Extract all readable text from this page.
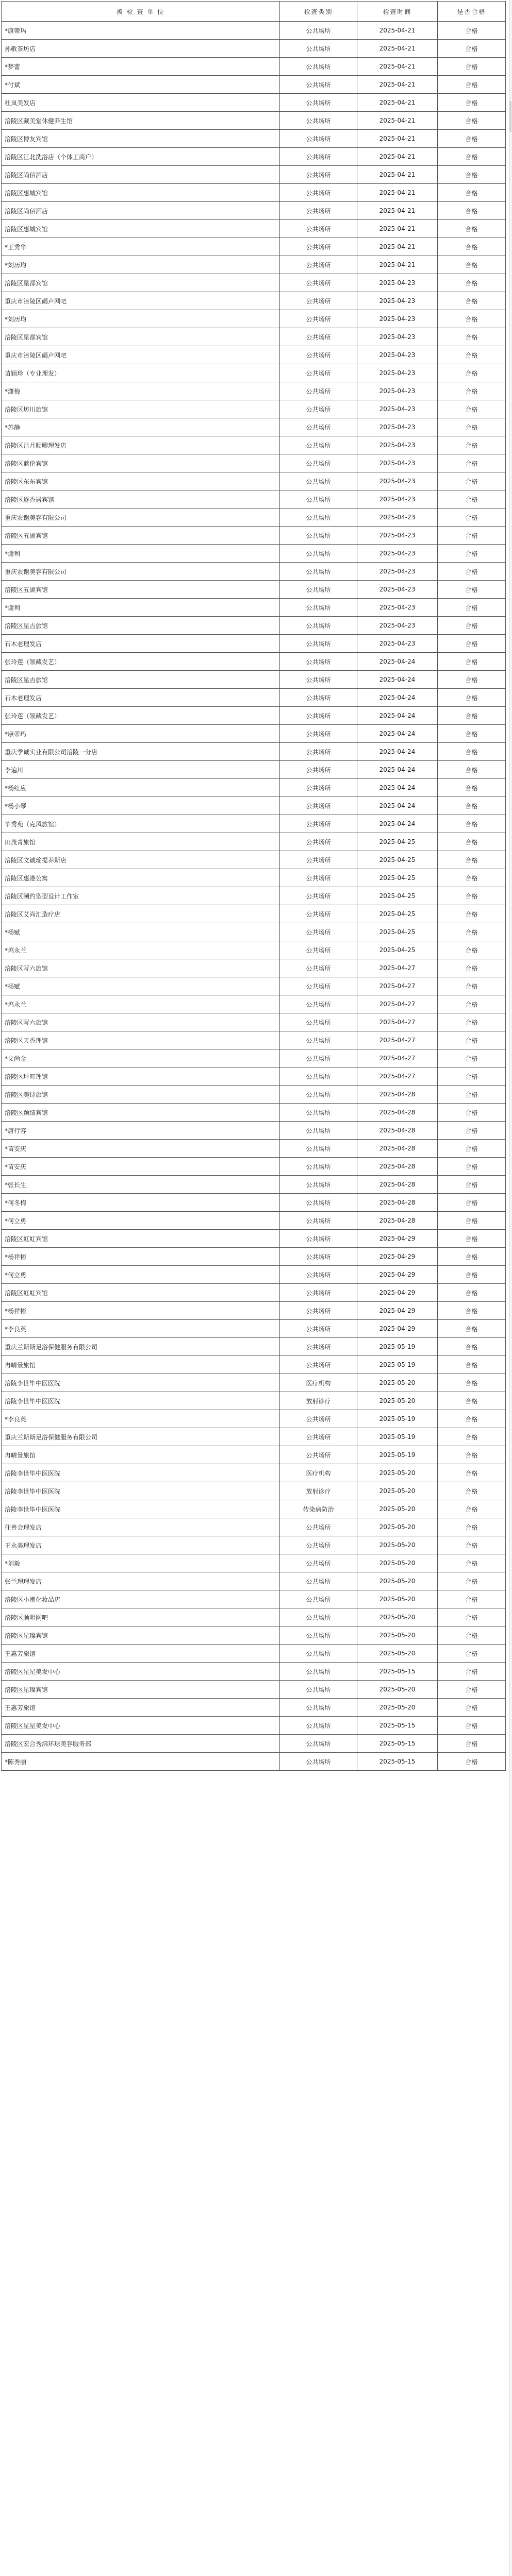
被 检 查 单 位	检查类别	检查时间	是否合格
*康蒂玛	公共场所	2025-04-21	合格
孙敬茶坊店	公共场所	2025-04-21	合格
*梦蕾	公共场所	2025-04-21	合格
*付斌	公共场所	2025-04-21	合格
杜岚美发店	公共场所	2025-04-21	合格
涪陵区藏美堂休健养生馆	公共场所	2025-04-21	合格
涪陵区博友宾馆	公共场所	2025-04-21	合格
涪陵区江北洗浴店（个体工商户）	公共场所	2025-04-21	合格
涪陵区尚佰酒店	公共场所	2025-04-21	合格
涪陵区惠城宾馆	公共场所	2025-04-21	合格
涪陵区尚佰酒店	公共场所	2025-04-21	合格
涪陵区惠城宾馆	公共场所	2025-04-21	合格
*王秀华	公共场所	2025-04-21	合格
*刘历均	公共场所	2025-04-21	合格
涪陵区星都宾馆	公共场所	2025-04-23	合格
重庆市涪陵区碣卢网吧	公共场所	2025-04-23	合格
*刘历均	公共场所	2025-04-23	合格
涪陵区星都宾馆	公共场所	2025-04-23	合格
重庆市涪陵区碣卢网吧	公共场所	2025-04-23	合格
苗颖珍（专业理发）	公共场所	2025-04-23	合格
*潇梅	公共场所	2025-04-23	合格
涪陵区坊川旅馆	公共场所	2025-04-23	合格
*苏静	公共场所	2025-04-23	合格
涪陵区吕月顺卿理发店	公共场所	2025-04-23	合格
涪陵区蓝伦宾馆	公共场所	2025-04-23	合格
涪陵区东东宾馆	公共场所	2025-04-23	合格
涪陵区逐香居宾馆	公共场所	2025-04-23	合格
重庆农谢美容有限公司	公共场所	2025-04-23	合格
涪陵区五湖宾馆	公共场所	2025-04-23	合格
*谢利	公共场所	2025-04-23	合格
重庆农谢美容有限公司	公共场所	2025-04-23	合格
涪陵区五湖宾馆	公共场所	2025-04-23	合格
*谢利	公共场所	2025-04-23	合格
涪陵区星吉旅馆	公共场所	2025-04-23	合格
石木老理发店	公共场所	2025-04-23	合格
张玲莲（领藏发艺）	公共场所	2025-04-24	合格
涪陵区星吉旅馆	公共场所	2025-04-24	合格
石木老理发店	公共场所	2025-04-24	合格
张玲莲（领藏发艺）	公共场所	2025-04-24	合格
*康蒂玛	公共场所	2025-04-24	合格
重庆季诚实业有限公司涪陵一分店	公共场所	2025-04-24	合格
李遍川	公共场所	2025-04-24	合格
*杨红应	公共场所	2025-04-24	合格
*杨小琴	公共场所	2025-04-24	合格
毕秀苑（克风旅馆）	公共场所	2025-04-24	合格
田茂青旅馆	公共场所	2025-04-25	合格
涪陵区文诚瑜提养斯店	公共场所	2025-04-25	合格
涪陵区惠港公寓	公共场所	2025-04-25	合格
涪陵区潮约型型设计工作室	公共场所	2025-04-25	合格
涪陵区艾尚汇造疗店	公共场所	2025-04-25	合格
*杨赋	公共场所	2025-04-25	合格
*坞永兰	公共场所	2025-04-25	合格
涪陵区写六旅馆	公共场所	2025-04-27	合格
*杨赋	公共场所	2025-04-27	合格
*坞永兰	公共场所	2025-04-27	合格
涪陵区写六旅馆	公共场所	2025-04-27	合格
涪陵区天香理馆	公共场所	2025-04-27	合格
*文尚金	公共场所	2025-04-27	合格
涪陵区坪町理馆	公共场所	2025-04-27	合格
涪陵区美诗旅馆	公共场所	2025-04-28	合格
涪陵区颖绩宾馆	公共场所	2025-04-28	合格
*唐行容	公共场所	2025-04-28	合格
*苗安庆	公共场所	2025-04-28	合格
*苗安庆	公共场所	2025-04-28	合格
*张长生	公共场所	2025-04-28	合格
*何冬梅	公共场所	2025-04-28	合格
*何立勇	公共场所	2025-04-28	合格
涪陵区虹虹宾馆	公共场所	2025-04-29	合格
*杨祥彬	公共场所	2025-04-29	合格
*何立勇	公共场所	2025-04-29	合格
涪陵区虹虹宾馆	公共场所	2025-04-29	合格
*杨祥彬	公共场所	2025-04-29	合格
*李良英	公共场所	2025-04-29	合格
重庆兰斯斯足浴保健服务有限公司	公共场所	2025-05-19	合格
冉晴景旅馆	公共场所	2025-05-19	合格
涪陵李世毕中医医院	医疗机构	2025-05-20	合格
涪陵李世毕中医医院	放射诊疗	2025-05-20	合格
*李良英	公共场所	2025-05-19	合格
重庆兰斯斯足浴保健服务有限公司	公共场所	2025-05-19	合格
冉晴景旅馆	公共场所	2025-05-19	合格
涪陵李世毕中医医院	医疗机构	2025-05-20	合格
涪陵李世毕中医医院	放射诊疗	2025-05-20	合格
涪陵李世毕中医医院	传染病防治	2025-05-20	合格
往善会理发店	公共场所	2025-05-20	合格
王永美理发店	公共场所	2025-05-20	合格
*刘毅	公共场所	2025-05-20	合格
张兰理理发店	公共场所	2025-05-20	合格
涪陵区小潮化妆品店	公共场所	2025-05-20	合格
涪陵区顺明网吧	公共场所	2025-05-20	合格
涪陵区星璨宾馆	公共场所	2025-05-20	合格
王惠芳旅馆	公共场所	2025-05-20	合格
涪陵区星星美发中心	公共场所	2025-05-15	合格
涪陵区星璨宾馆	公共场所	2025-05-20	合格
王惠芳旅馆	公共场所	2025-05-20	合格
涪陵区星星美发中心	公共场所	2025-05-15	合格
涪陵区宏合秀沸环球美容服务部	公共场所	2025-05-15	合格
*陈秀丽	公共场所	2025-05-15	合格
